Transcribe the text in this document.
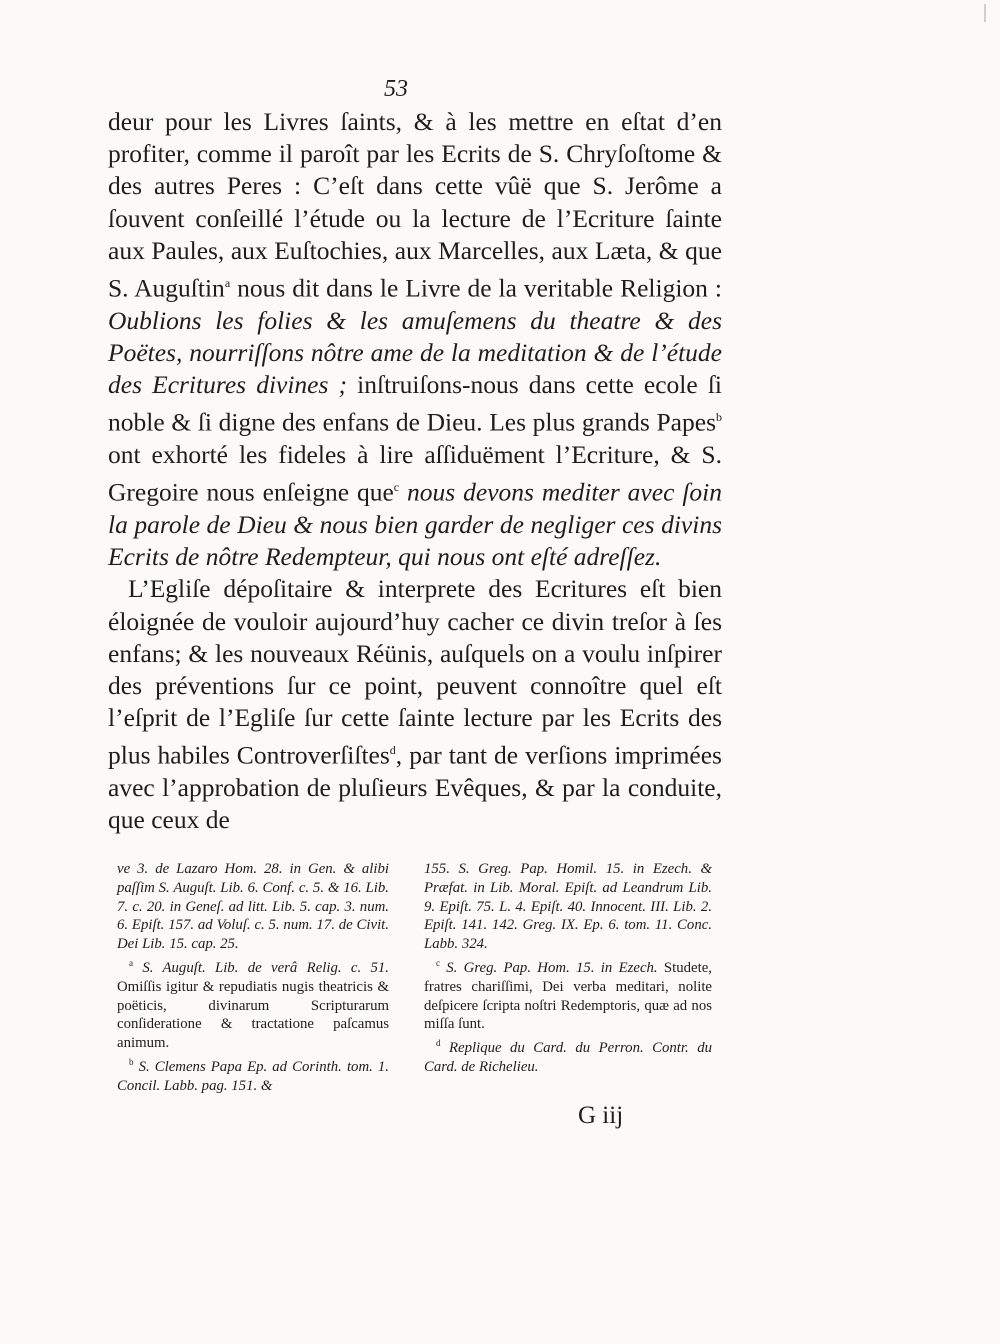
53

deur pour les Livres ſaints, & à les mettre en eſtat d’en profiter, comme il paroît par les Ecrits de S. Chryſoſtome & des autres Peres : C’eſt dans cette vûë que S. Jerôme a ſouvent conſeillé l’étude ou la lecture de l’Ecriture ſainte aux Paules, aux Euſtochies, aux Marcelles, aux Læta, & que S. Auguſtin$^a$ nous dit dans le Livre de la veritable Religion : Oublions les folies & les amuſemens du theatre & des Poëtes, nourriſſons nôtre ame de la meditation & de l’étude des Ecritures divines ; inſtruiſons-nous dans cette ecole ſi noble & ſi digne des enfans de Dieu. Les plus grands Papes$^b$ ont exhorté les fideles à lire aſſiduëment l’Ecriture, & S. Gregoire nous enſeigne que$^c$ nous devons mediter avec ſoin la parole de Dieu & nous bien garder de negliger ces divins Ecrits de nôtre Redempteur, qui nous ont eſté adreſſez.

L’Egliſe dépoſitaire & interprete des Ecritures eſt bien éloignée de vouloir aujourd’huy cacher ce divin treſor à ſes enfans; & les nouveaux Réünis, auſquels on a voulu inſpirer des préventions ſur ce point, peuvent connoître quel eſt l’eſprit de l’Egliſe ſur cette ſainte lecture par les Ecrits des plus habiles Controverſiſtes$^d$, par tant de verſions imprimées avec l’approbation de pluſieurs Evêques, & par la conduite, que ceux de

ve 3. de Lazaro Hom. 28. in Gen. & alibi paſſim S. Auguſt. Lib. 6. Conf. c. 5. & 16. Lib. 7. c. 20. in Geneſ. ad litt. Lib. 5. cap. 3. num. 6. Epiſt. 157. ad Voluſ. c. 5. num. 17. de Civit. Dei Lib. 15. cap. 25.

$^a$ S. Auguſt. Lib. de verâ Relig. c. 51. Omiſſis igitur & repudiatis nugis theatricis & poëticis, divinarum Scripturarum conſideratione & tractatione paſcamus animum.

$^b$ S. Clemens Papa Ep. ad Corinth. tom. 1. Concil. Labb. pag. 151. &

155. S. Greg. Pap. Homil. 15. in Ezech. & Præfat. in Lib. Moral. Epiſt. ad Leandrum Lib. 9. Epiſt. 75. L. 4. Epiſt. 40. Innocent. III. Lib. 2. Epiſt. 141. 142. Greg. IX. Ep. 6. tom. 11. Conc. Labb. 324.

$^c$ S. Greg. Pap. Hom. 15. in Ezech. Studete, fratres chariſſimi, Dei verba meditari, nolite deſpicere ſcripta noſtri Redemptoris, quæ ad nos miſſa ſunt.

$^d$ Replique du Card. du Perron. Contr. du Card. de Richelieu.

G iij
